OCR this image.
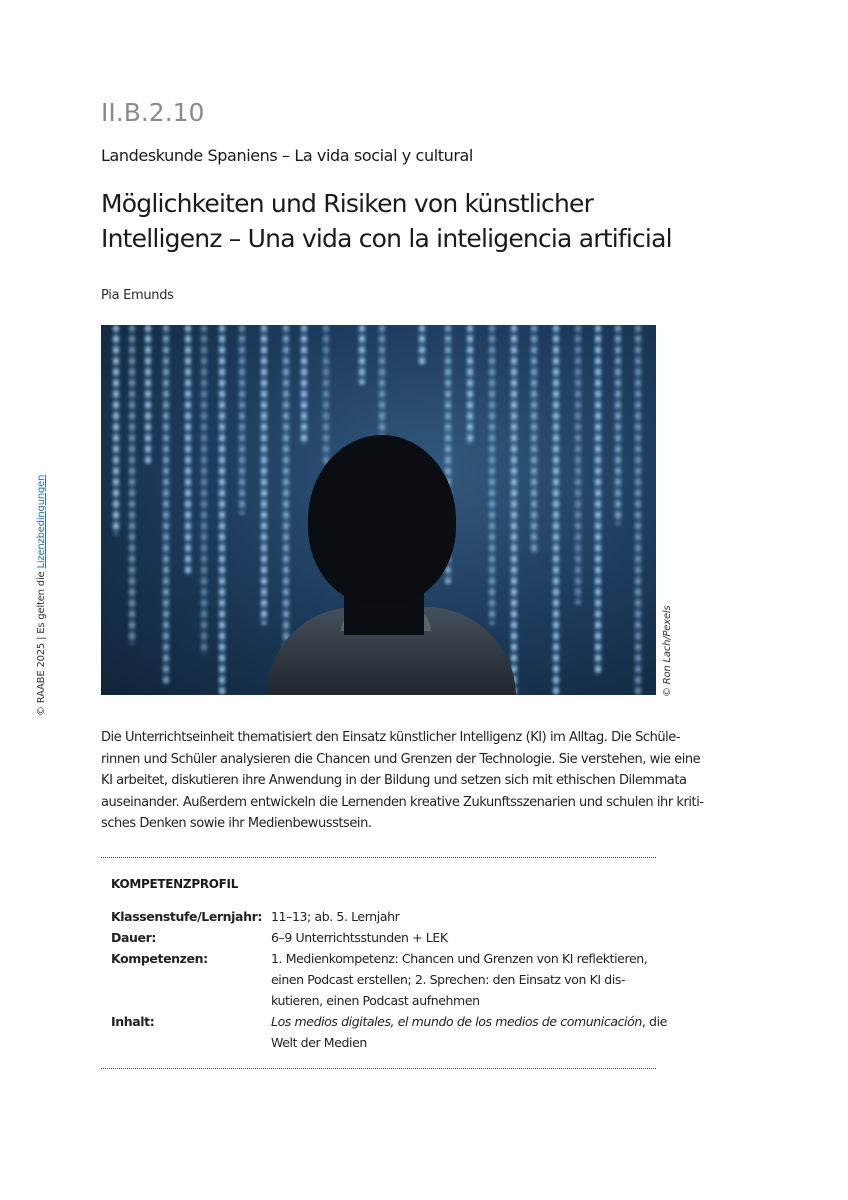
II.B.2.10
Landeskunde Spaniens – La vida social y cultural
Möglichkeiten und Risiken von künstlicher
Intelligenz – Una vida con la inteligencia artificial
Pia Emunds
© RAABE 2025 | Es gelten die Lizenzbedingungen
© Ron Lach/Pexels
Die Unterrichtseinheit thematisiert den Einsatz künstlicher Intelligenz (KI) im Alltag. Die Schüle-
rinnen und Schüler analysieren die Chancen und Grenzen der Technologie. Sie verstehen, wie eine
KI arbeitet, diskutieren ihre Anwendung in der Bildung und setzen sich mit ethischen Dilemmata
auseinander. Außerdem entwickeln die Lernenden kreative Zukunftsszenarien und schulen ihr kriti-
sches Denken sowie ihr Medienbewusstsein.
KOMPETENZPROFIL
Klassenstufe/Lernjahr: 11–13; ab. 5. Lernjahr
Dauer:	6–9 Unterrichtsstunden + LEK
Kompetenzen:	1. Medienkompetenz: Chancen und Grenzen von KI reflektieren,
einen Podcast erstellen; 2. Sprechen: den Einsatz von KI dis-
kutieren, einen Podcast aufnehmen
Inhalt:	Los medios digitales, el mundo de los medios de comunicación, die
Welt der Medien
